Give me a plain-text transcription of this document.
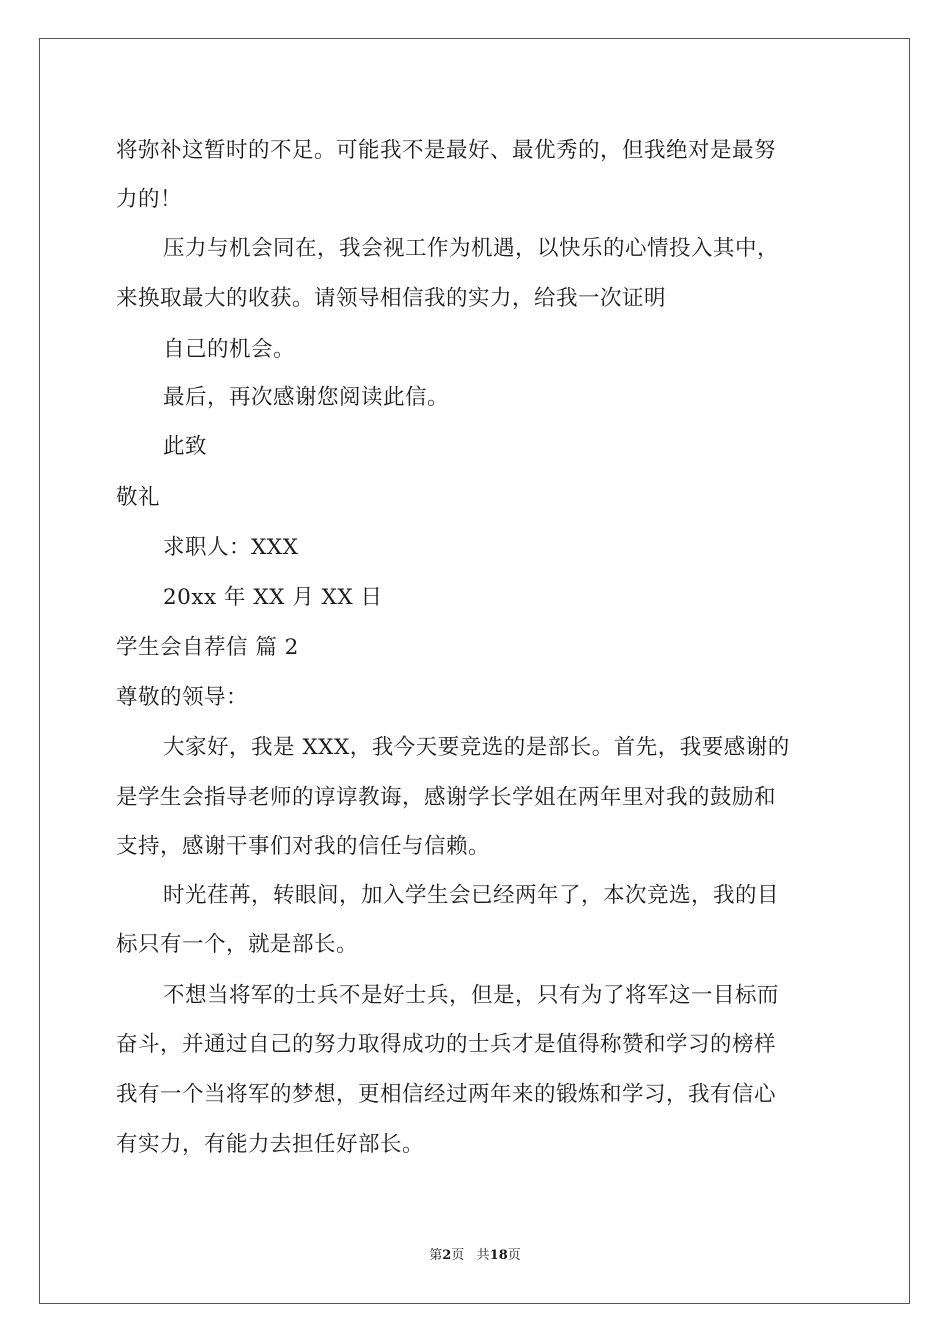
将弥补这暂时的不足。可能我不是最好、最优秀的，但我绝对是最努
力的！
压力与机会同在，我会视工作为机遇，以快乐的心情投入其中，
来换取最大的收获。请领导相信我的实力，给我一次证明
自己的机会。
最后，再次感谢您阅读此信。
此致
敬礼
求职人：XXX
20xx 年 XX 月 XX 日
学生会自荐信 篇 2
尊敬的领导：
大家好，我是 XXX，我今天要竞选的是部长。首先，我要感谢的
是学生会指导老师的谆谆教诲，感谢学长学姐在两年里对我的鼓励和
支持，感谢干事们对我的信任与信赖。
时光荏苒，转眼间，加入学生会已经两年了，本次竞选，我的目
标只有一个，就是部长。
不想当将军的士兵不是好士兵，但是，只有为了将军这一目标而
奋斗，并通过自己的努力取得成功的士兵才是值得称赞和学习的榜样
我有一个当将军的梦想，更相信经过两年来的锻炼和学习，我有信心
有实力，有能力去担任好部长。
第2页 共18页
